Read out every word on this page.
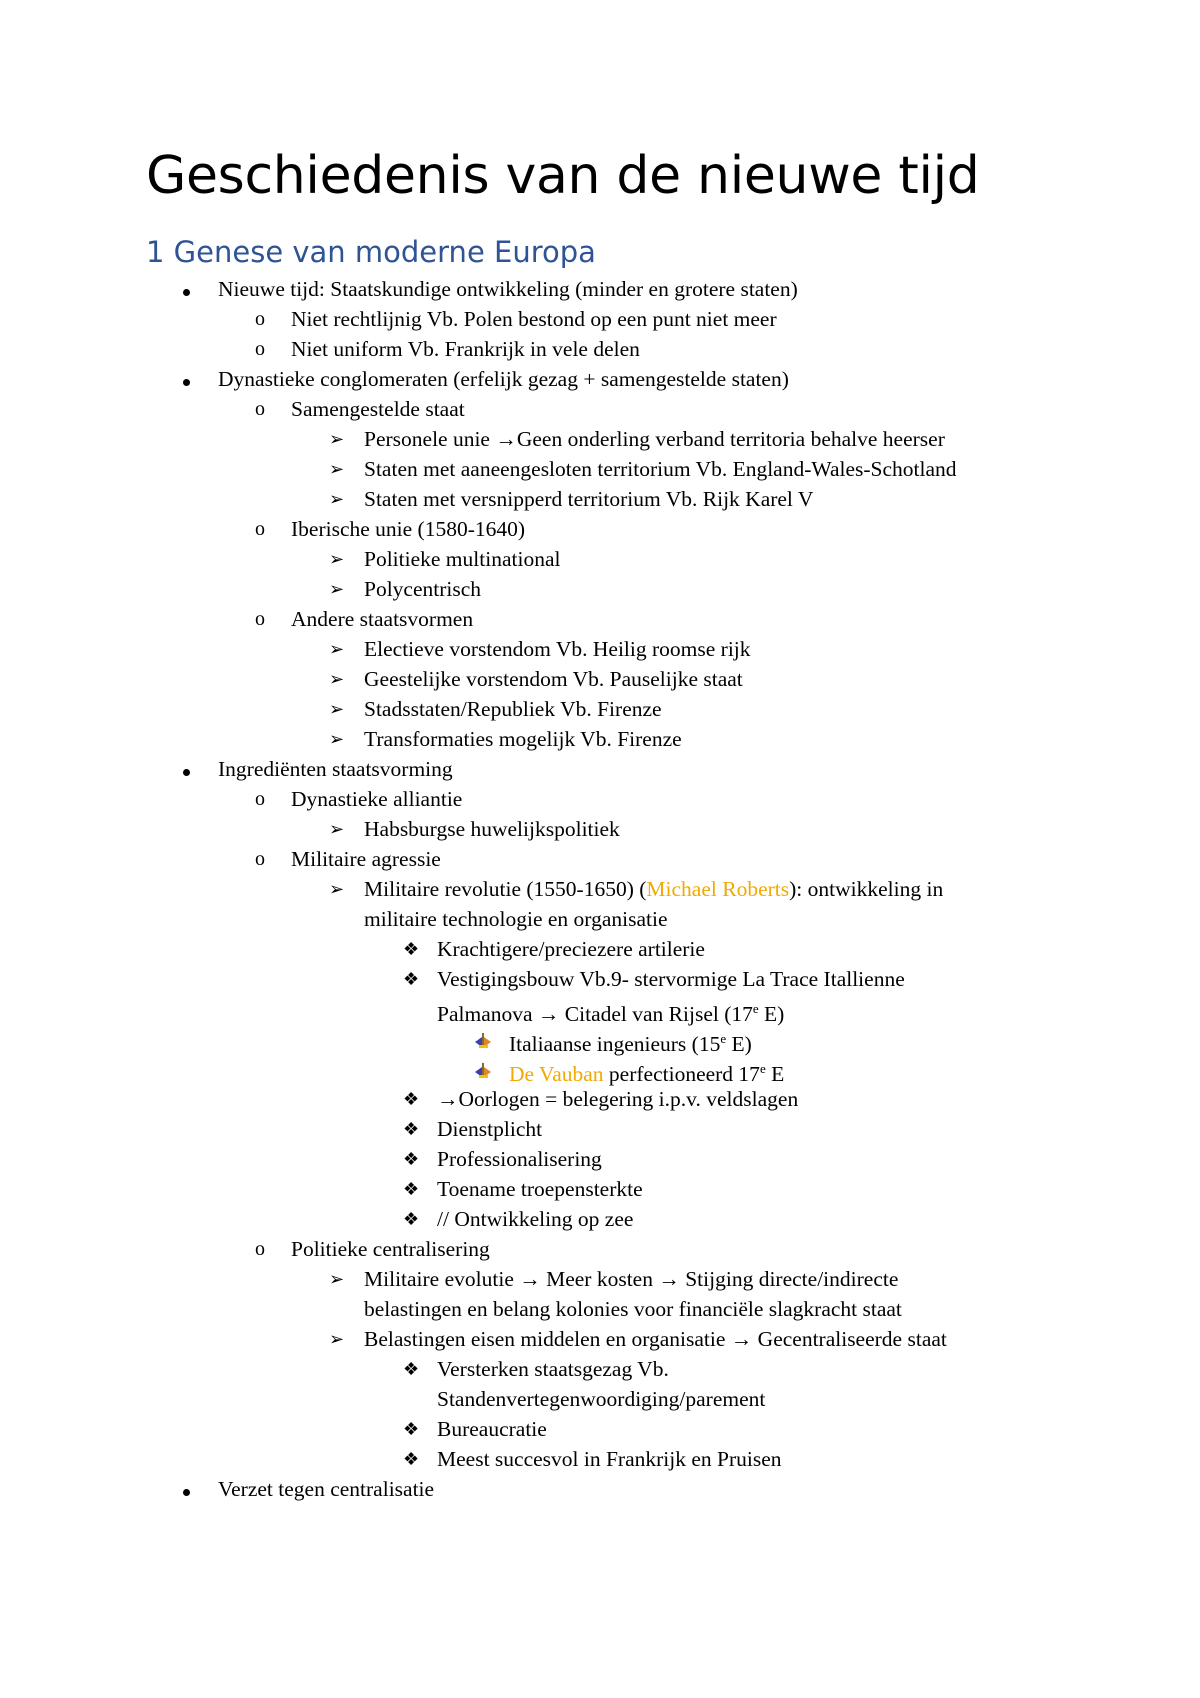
Geschiedenis van de nieuwe tijd
1 Genese van moderne Europa
Nieuwe tijd: Staatskundige ontwikkeling (minder en grotere staten)
o Niet rechtlijnig Vb. Polen bestond op een punt niet meer
o Niet uniform Vb. Frankrijk in vele delen
Dynastieke conglomeraten (erfelijk gezag + samengestelde staten)
o Samengestelde staat
➢ Personele unie →Geen onderling verband territoria behalve heerser
➢ Staten met aaneengesloten territorium Vb. England-Wales-Schotland
➢ Staten met versnipperd territorium Vb. Rijk Karel V
o Iberische unie (1580-1640)
➢ Politieke multinational
➢ Polycentrisch
o Andere staatsvormen
➢ Electieve vorstendom Vb. Heilig roomse rijk
➢ Geestelijke vorstendom Vb. Pauselijke staat
➢ Stadsstaten/Republiek Vb. Firenze
➢ Transformaties mogelijk Vb. Firenze
Ingrediënten staatsvorming
o Dynastieke alliantie
➢ Habsburgse huwelijkspolitiek
o Militaire agressie
➢ Militaire revolutie (1550-1650) (Michael Roberts): ontwikkeling in
militaire technologie en organisatie
❖ Krachtigere/preciezere artilerie
❖ Vestigingsbouw Vb.9- stervormige La Trace Itallienne
Palmanova → Citadel van Rijsel (17e E)
Italiaanse ingenieurs (15e E)
De Vauban perfectioneerd 17e E
❖ →Oorlogen = belegering i.p.v. veldslagen
❖ Dienstplicht
❖ Professionalisering
❖ Toename troepensterkte
❖ // Ontwikkeling op zee
o Politieke centralisering
➢ Militaire evolutie → Meer kosten → Stijging directe/indirecte
belastingen en belang kolonies voor financiële slagkracht staat
➢ Belastingen eisen middelen en organisatie → Gecentraliseerde staat
❖ Versterken staatsgezag Vb.
Standenvertegenwoordiging/parement
❖ Bureaucratie
❖ Meest succesvol in Frankrijk en Pruisen
Verzet tegen centralisatie
